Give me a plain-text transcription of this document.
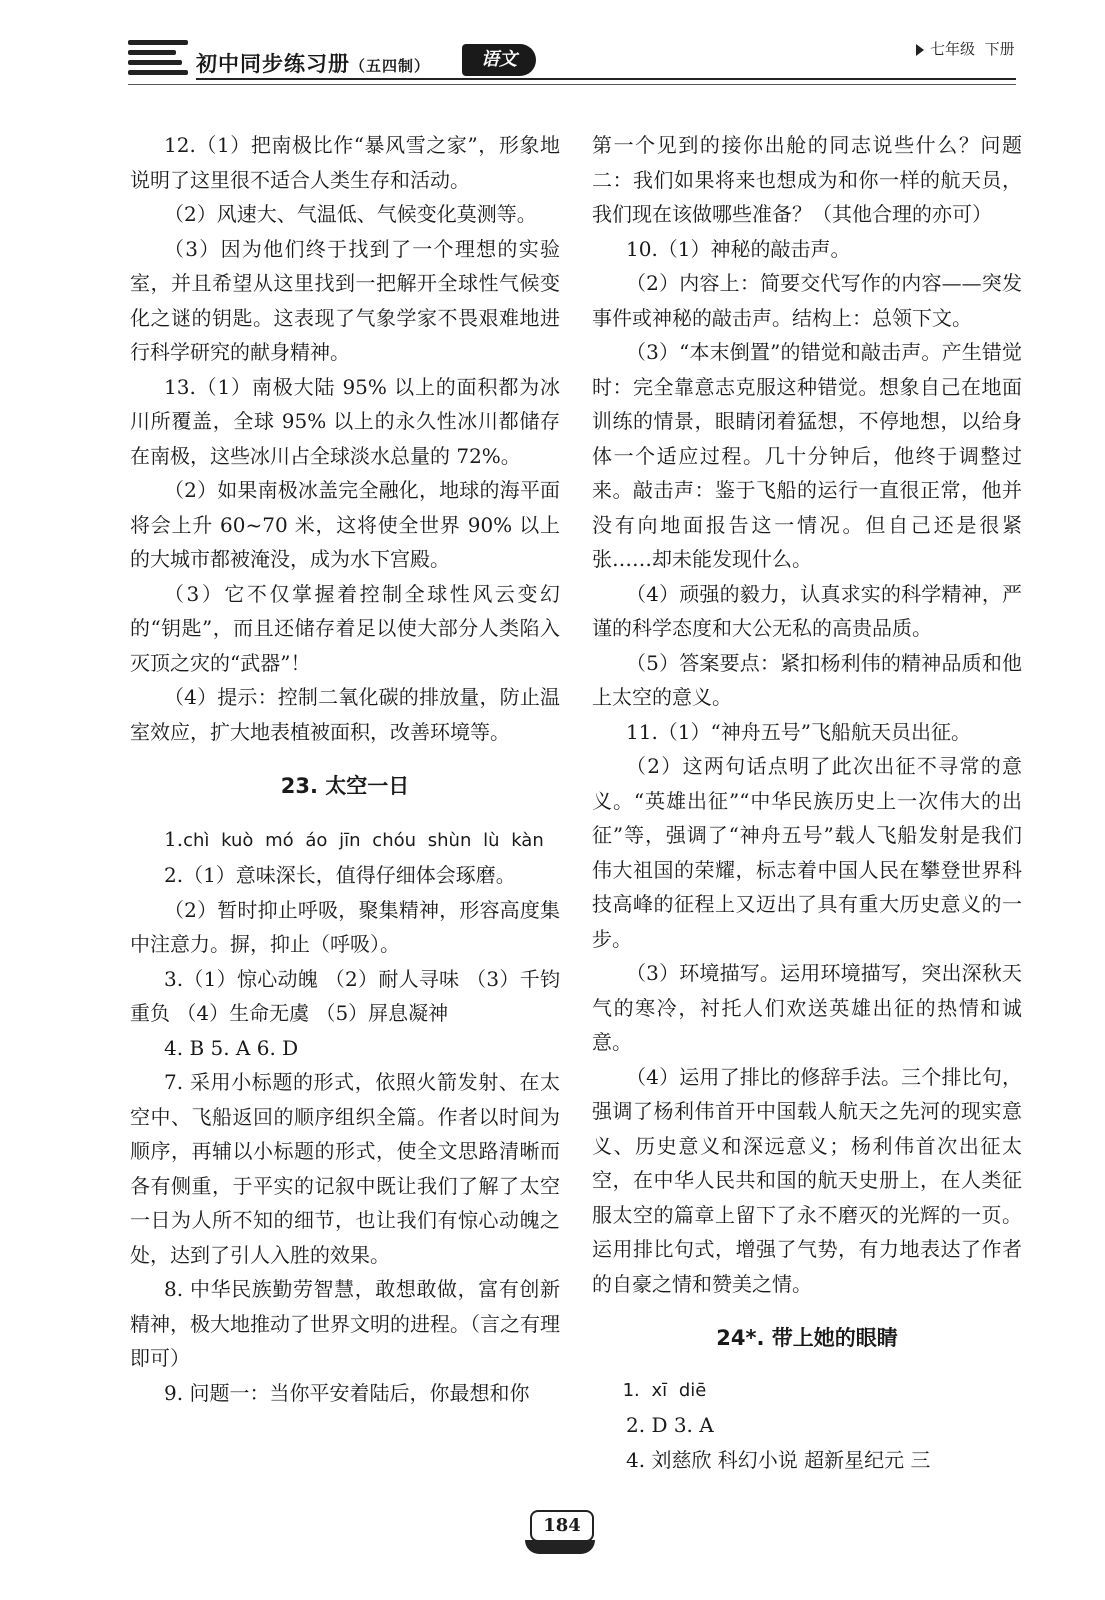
初中同步练习册（五四制）	语文	七年级 下册

12.（1）把南极比作“暴风雪之家”，形象地说明了这里很不适合人类生存和活动。

（2）风速大、气温低、气候变化莫测等。

（3）因为他们终于找到了一个理想的实验室，并且希望从这里找到一把解开全球性气候变化之谜的钥匙。这表现了气象学家不畏艰难地进行科学研究的献身精神。

13.（1）南极大陆 95% 以上的面积都为冰川所覆盖，全球 95% 以上的永久性冰川都储存在南极，这些冰川占全球淡水总量的 72%。

（2）如果南极冰盖完全融化，地球的海平面将会上升 60~70 米，这将使全世界 90% 以上的大城市都被淹没，成为水下宫殿。

（3）它不仅掌握着控制全球性风云变幻的“钥匙”，而且还储存着足以使大部分人类陷入灭顶之灾的“武器”！

（4）提示：控制二氧化碳的排放量，防止温室效应，扩大地表植被面积，改善环境等。

23. 太空一日

1.chì kuò mó áo jīn chóu shùn lù kàn

2.（1）意味深长，值得仔细体会琢磨。

（2）暂时抑止呼吸，聚集精神，形容高度集中注意力。摒，抑止（呼吸）。

3.（1）惊心动魄 （2）耐人寻味 （3）千钧重负 （4）生命无虞 （5）屏息凝神

4. B 5. A 6. D

7. 采用小标题的形式，依照火箭发射、在太空中、飞船返回的顺序组织全篇。作者以时间为顺序，再辅以小标题的形式，使全文思路清晰而各有侧重，于平实的记叙中既让我们了解了太空一日为人所不知的细节，也让我们有惊心动魄之处，达到了引人入胜的效果。

8. 中华民族勤劳智慧，敢想敢做，富有创新精神，极大地推动了世界文明的进程。（言之有理即可）

9. 问题一：当你平安着陆后，你最想和你

第一个见到的接你出舱的同志说些什么？问题二：我们如果将来也想成为和你一样的航天员，我们现在该做哪些准备？（其他合理的亦可）

10.（1）神秘的敲击声。

（2）内容上：简要交代写作的内容——突发事件或神秘的敲击声。结构上：总领下文。

（3）“本末倒置”的错觉和敲击声。产生错觉时：完全靠意志克服这种错觉。想象自己在地面训练的情景，眼睛闭着猛想，不停地想，以给身体一个适应过程。几十分钟后，他终于调整过来。敲击声：鉴于飞船的运行一直很正常，他并没有向地面报告这一情况。但自己还是很紧张……却未能发现什么。

（4）顽强的毅力，认真求实的科学精神，严谨的科学态度和大公无私的高贵品质。

（5）答案要点：紧扣杨利伟的精神品质和他上太空的意义。

11.（1）“神舟五号”飞船航天员出征。

（2）这两句话点明了此次出征不寻常的意义。“英雄出征”“中华民族历史上一次伟大的出征”等，强调了“神舟五号”载人飞船发射是我们伟大祖国的荣耀，标志着中国人民在攀登世界科技高峰的征程上又迈出了具有重大历史意义的一步。

（3）环境描写。运用环境描写，突出深秋天气的寒冷，衬托人们欢送英雄出征的热情和诚意。

（4）运用了排比的修辞手法。三个排比句，强调了杨利伟首开中国载人航天之先河的现实意义、历史意义和深远意义；杨利伟首次出征太空，在中华人民共和国的航天史册上，在人类征服太空的篇章上留下了永不磨灭的光辉的一页。运用排比句式，增强了气势，有力地表达了作者的自豪之情和赞美之情。

24*. 带上她的眼睛

1. xī diē

2. D 3. A

4. 刘慈欣 科幻小说 超新星纪元 三

184
